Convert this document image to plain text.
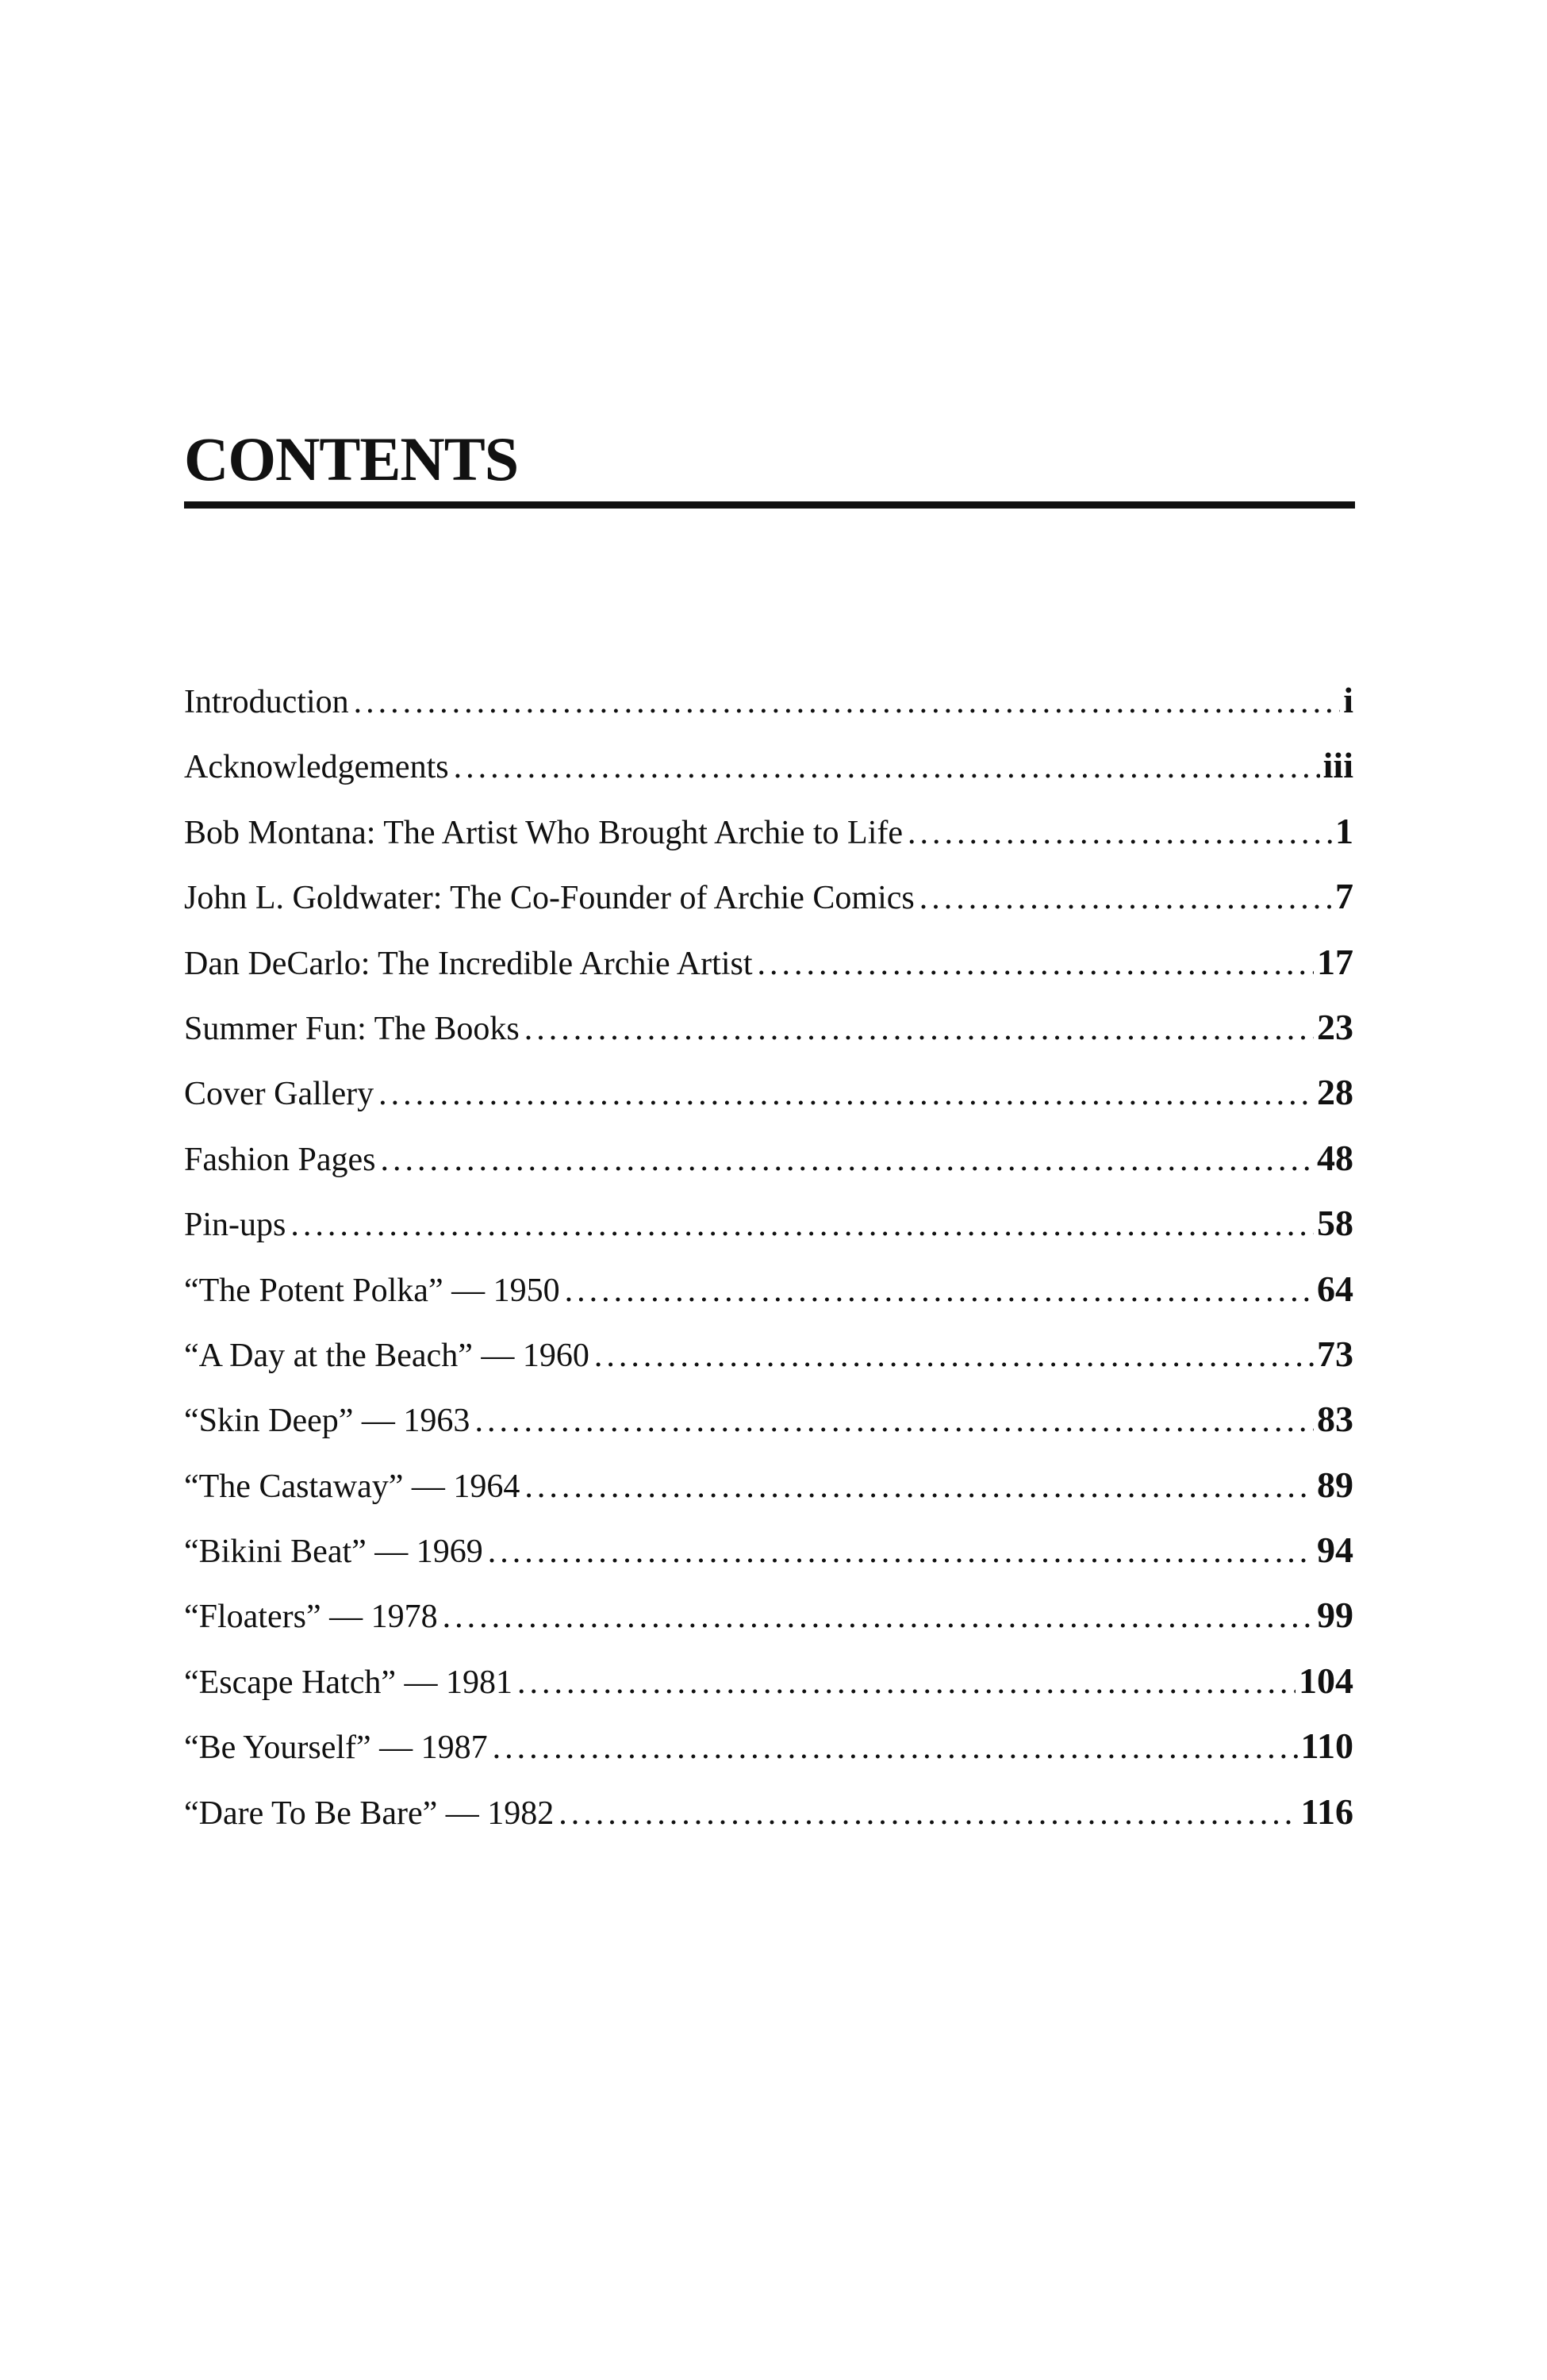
CONTENTS
Introduction .....	i
Acknowledgements .....	iii
Bob Montana: The Artist Who Brought Archie to Life .....	1
John L. Goldwater: The Co-Founder of Archie Comics .....	7
Dan DeCarlo: The Incredible Archie Artist .....	17
Summer Fun: The Books .....	23
Cover Gallery .....	28
Fashion Pages .....	48
Pin-ups .....	58
“The Potent Polka” — 1950 .....	64
“A Day at the Beach” — 1960 .....	73
“Skin Deep” — 1963 .....	83
“The Castaway” — 1964 .....	89
“Bikini Beat” — 1969 .....	94
“Floaters” — 1978 .....	99
“Escape Hatch” — 1981 .....	104
“Be Yourself” — 1987 .....	110
“Dare To Be Bare” — 1982 .....	116
